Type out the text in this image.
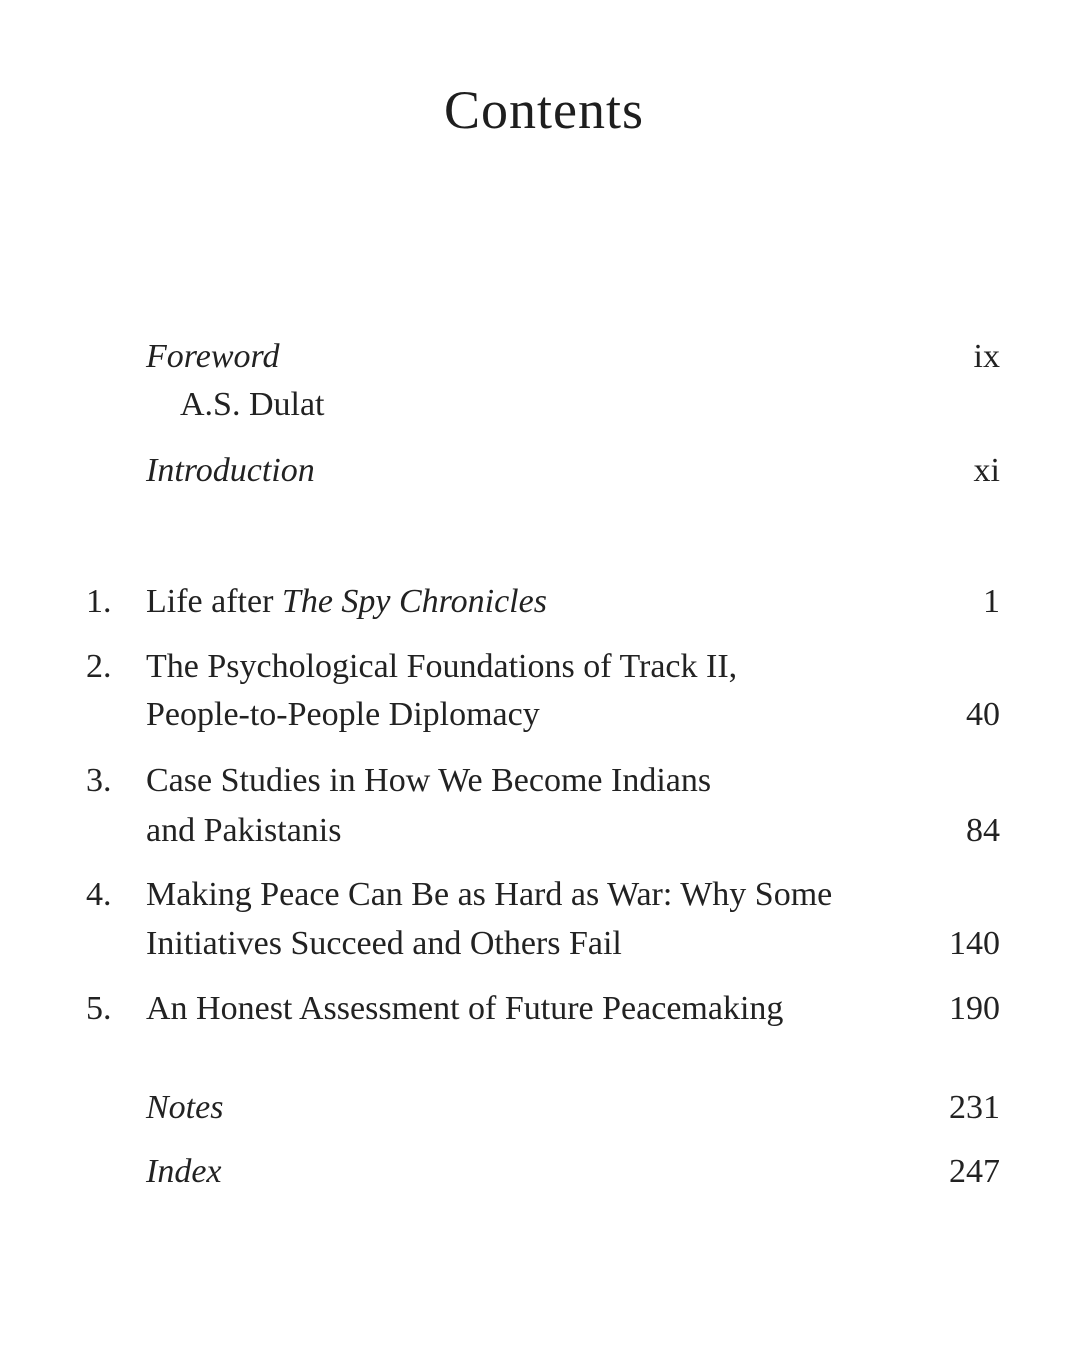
Contents
Foreword	ix
A.S. Dulat
Introduction	xi
1. Life after The Spy Chronicles	1
2. The Psychological Foundations of Track II,
People-to-People Diplomacy	40
3. Case Studies in How We Become Indians
and Pakistanis	84
4. Making Peace Can Be as Hard as War: Why Some
Initiatives Succeed and Others Fail	140
5. An Honest Assessment of Future Peacemaking	190
Notes	231
Index	247
